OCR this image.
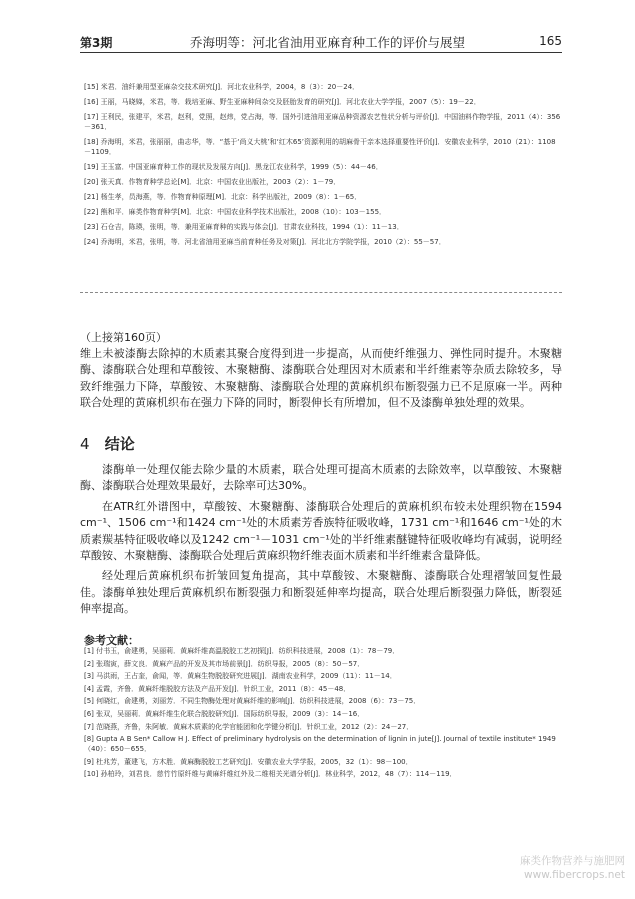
第3期	乔海明等：河北省油用亚麻育种工作的评价与展望	165
[15] 米君．油纤兼用型亚麻杂交技术研究[J]．河北农业科学，2004，8（3）：20－24．
[16] 王丽，马晓娣，米君，等．栽培亚麻、野生亚麻种间杂交及胚胎发育的研究[J]．河北农业大学学报，2007（5）：19－22．
[17] 王利民，张建平，米君，赵利，党照，赵炜，党占海，等．国外引进油用亚麻品种资源农艺性状分析与评价[J]．中国油料作物学报，2011（4）：356－361．
[18] 乔海明，米君，张丽丽，曲志华，等．“基于‘尚义大桃’和‘红木65’资源利用的胡麻骨干亲本选择重要性评价[J]．安徽农业科学，2010（21）：1108－1109．
[19] 王玉富．中国亚麻育种工作的现状及发展方向[J]．黑龙江农业科学，1999（5）：44－46．
[20] 张天真．作物育种学总论[M]．北京：中国农业出版社，2003（2）：1－79．
[21] 杨生孝，员海燕，等．作物育种原理[M]．北京：科学出版社，2009（8）：1－65．
[22] 熊和平．麻类作物育种学[M]．北京：中国农业科学技术出版社，2008（10）：103－155．
[23] 石仓吉，陈瑛，张明，等．兼用亚麻育种的实践与体会[J]．甘肃农业科技，1994（1）：11－13．
[24] 乔海明，米君，张明，等．河北省油用亚麻当前育种任务及对策[J]．河北北方学院学报，2010（2）：55－57．
（上接第160页）

维上未被漆酶去除掉的木质素其聚合度得到进一步提高，从而使纤维强力、弹性同时提升。木聚糖酶、漆酶联合处理和草酸铵、木聚糖酶、漆酶联合处理因对木质素和半纤维素等杂质去除较多，导致纤维强力下降，草酸铵、木聚糖酶、漆酶联合处理的黄麻机织布断裂强力已不足原麻一半。两种联合处理的黄麻机织布在强力下降的同时，断裂伸长有所增加，但不及漆酶单独处理的效果。

4 结论

漆酶单一处理仅能去除少量的木质素，联合处理可提高木质素的去除效率，以草酸铵、木聚糖酶、漆酶联合处理效果最好，去除率可达30%。

在ATR红外谱图中，草酸铵、木聚糖酶、漆酶联合处理后的黄麻机织布较未处理织物在1594 cm⁻¹、1506 cm⁻¹和1424 cm⁻¹处的木质素芳香族特征吸收峰，1731 cm⁻¹和1646 cm⁻¹处的木质素羰基特征吸收峰以及1242 cm⁻¹－1031 cm⁻¹处的半纤维素醚键特征吸收峰均有减弱，说明经草酸铵、木聚糖酶、漆酶联合处理后黄麻织物纤维表面木质素和半纤维素含量降低。

经处理后黄麻机织布折皱回复角提高，其中草酸铵、木聚糖酶、漆酶联合处理褶皱回复性最佳。漆酶单独处理后黄麻机织布断裂强力和断裂延伸率均提高，联合处理后断裂强力降低，断裂延伸率提高。

参考文献：
[1] 付书玉，俞建勇，吴丽莉．黄麻纤维高温脱胶工艺初探[J]．纺织科技进展，2008（1）：78－79．
[2] 张瑞寅，薛文良．黄麻产品的开发及其市场前景[J]．纺织导报，2005（8）：50－57．
[3] 马洪雨，王占奎，俞闻，等．黄麻生物脱胶研究进展[J]．湖南农业科学，2009（11）：11－14．
[4] 孟霞，齐鲁．黄麻纤维脱胶方法及产品开发[J]．针织工业，2011（8）：45－48．
[5] 何晓红，俞建勇，刘丽芳．不同生物酶处理对黄麻纤维的影响[J]．纺织科技进展，2008（6）：73－75．
[6] 张双，吴丽莉．黄麻纤维生化联合脱胶研究[J]．国际纺织导报，2009（3）：14－16．
[7] 范晓燕，齐鲁，朱阿敏．黄麻木质素的化学官能团和化学键分析[J]．针织工业，2012（2）：24－27．
[8] Gupta A B Sen* Callow H J. Effect of preliminary hydrolysis on the determination of lignin in jute[J]. Journal of textile institute* 1949（40）：650－655．
[9] 杜兆芳，董建飞，方木胜．黄麻酶脱胶工艺研究[J]．安徽农业大学学报，2005，32（1）：98－100．
[10] 孙柏玲，刘君良．慈竹竹原纤维与黄麻纤维红外及二维相关光谱分析[J]．林业科学，2012，48（7）：114－119．
麻类作物营养与施肥网
www.fibercrops.net
